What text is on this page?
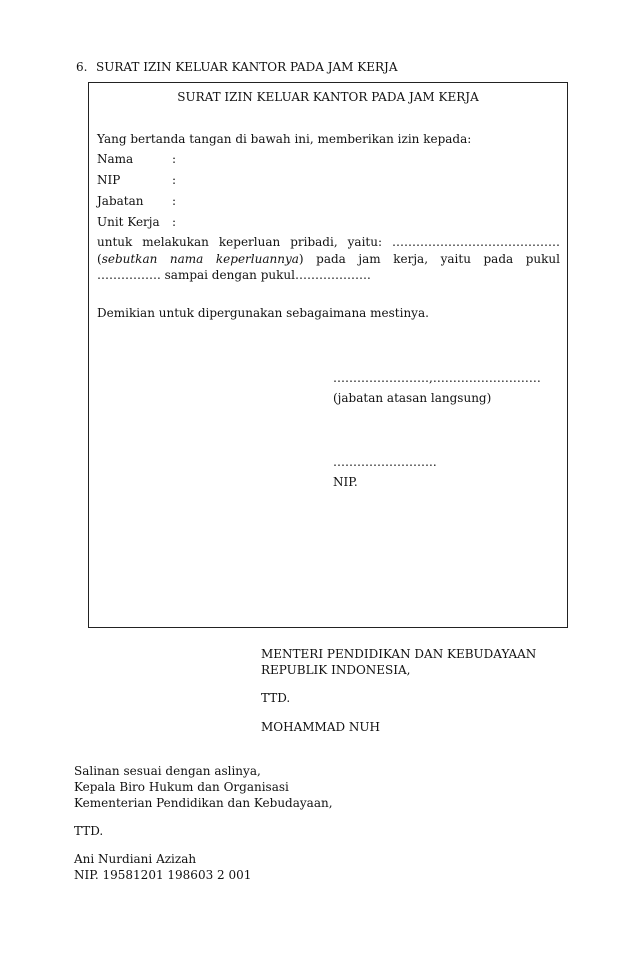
6. SURAT IZIN KELUAR KANTOR PADA JAM KERJA
SURAT IZIN KELUAR KANTOR PADA JAM KERJA
Yang bertanda tangan di bawah ini, memberikan izin kepada:
Nama	:
NIP	:
Jabatan :
Unit Kerja :
untuk melakukan keperluan pribadi, yaitu: ……………………………………
(sebutkan nama keperluannya) pada jam kerja, yaitu pada pukul
……………. sampai dengan pukul……………….
Demikian untuk dipergunakan sebagaimana mestinya.
……………………,………………………
(jabatan atasan langsung)
……………………..
NIP.
MENTERI PENDIDIKAN DAN KEBUDAYAAN
REPUBLIK INDONESIA,
TTD.
MOHAMMAD NUH
Salinan sesuai dengan aslinya,
Kepala Biro Hukum dan Organisasi
Kementerian Pendidikan dan Kebudayaan,
TTD.
Ani Nurdiani Azizah
NIP. 19581201 198603 2 001
